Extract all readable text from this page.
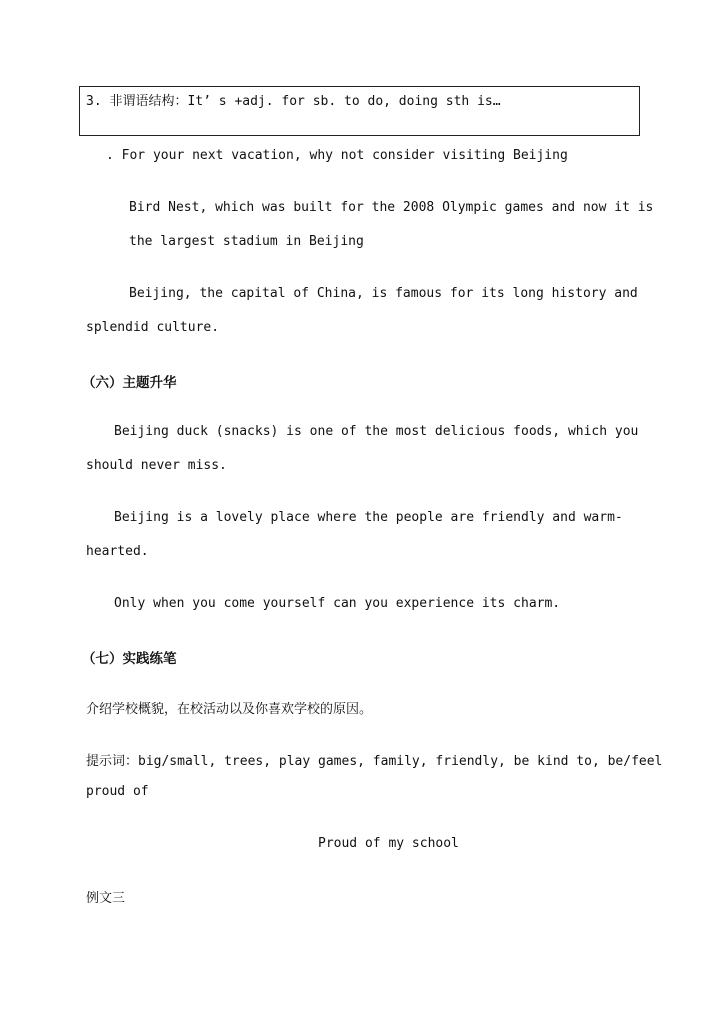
3. 非谓语结构：It’ s +adj. for sb. to do, doing sth is…
. For your next vacation, why not consider visiting Beijing
Bird Nest, which was built for the 2008 Olympic games and now it is
the largest stadium in Beijing
Beijing, the capital of China, is famous for its long history and
splendid culture.
（六）主题升华
Beijing duck (snacks) is one of the most delicious foods, which you
should never miss.
Beijing is a lovely place where the people are friendly and warm-
hearted.
Only when you come yourself can you experience its charm.
（七）实践练笔
介绍学校概貌，在校活动以及你喜欢学校的原因。
提示词：big/small, trees, play games, family, friendly, be kind to, be/feel
proud of
Proud of my school
例文三
